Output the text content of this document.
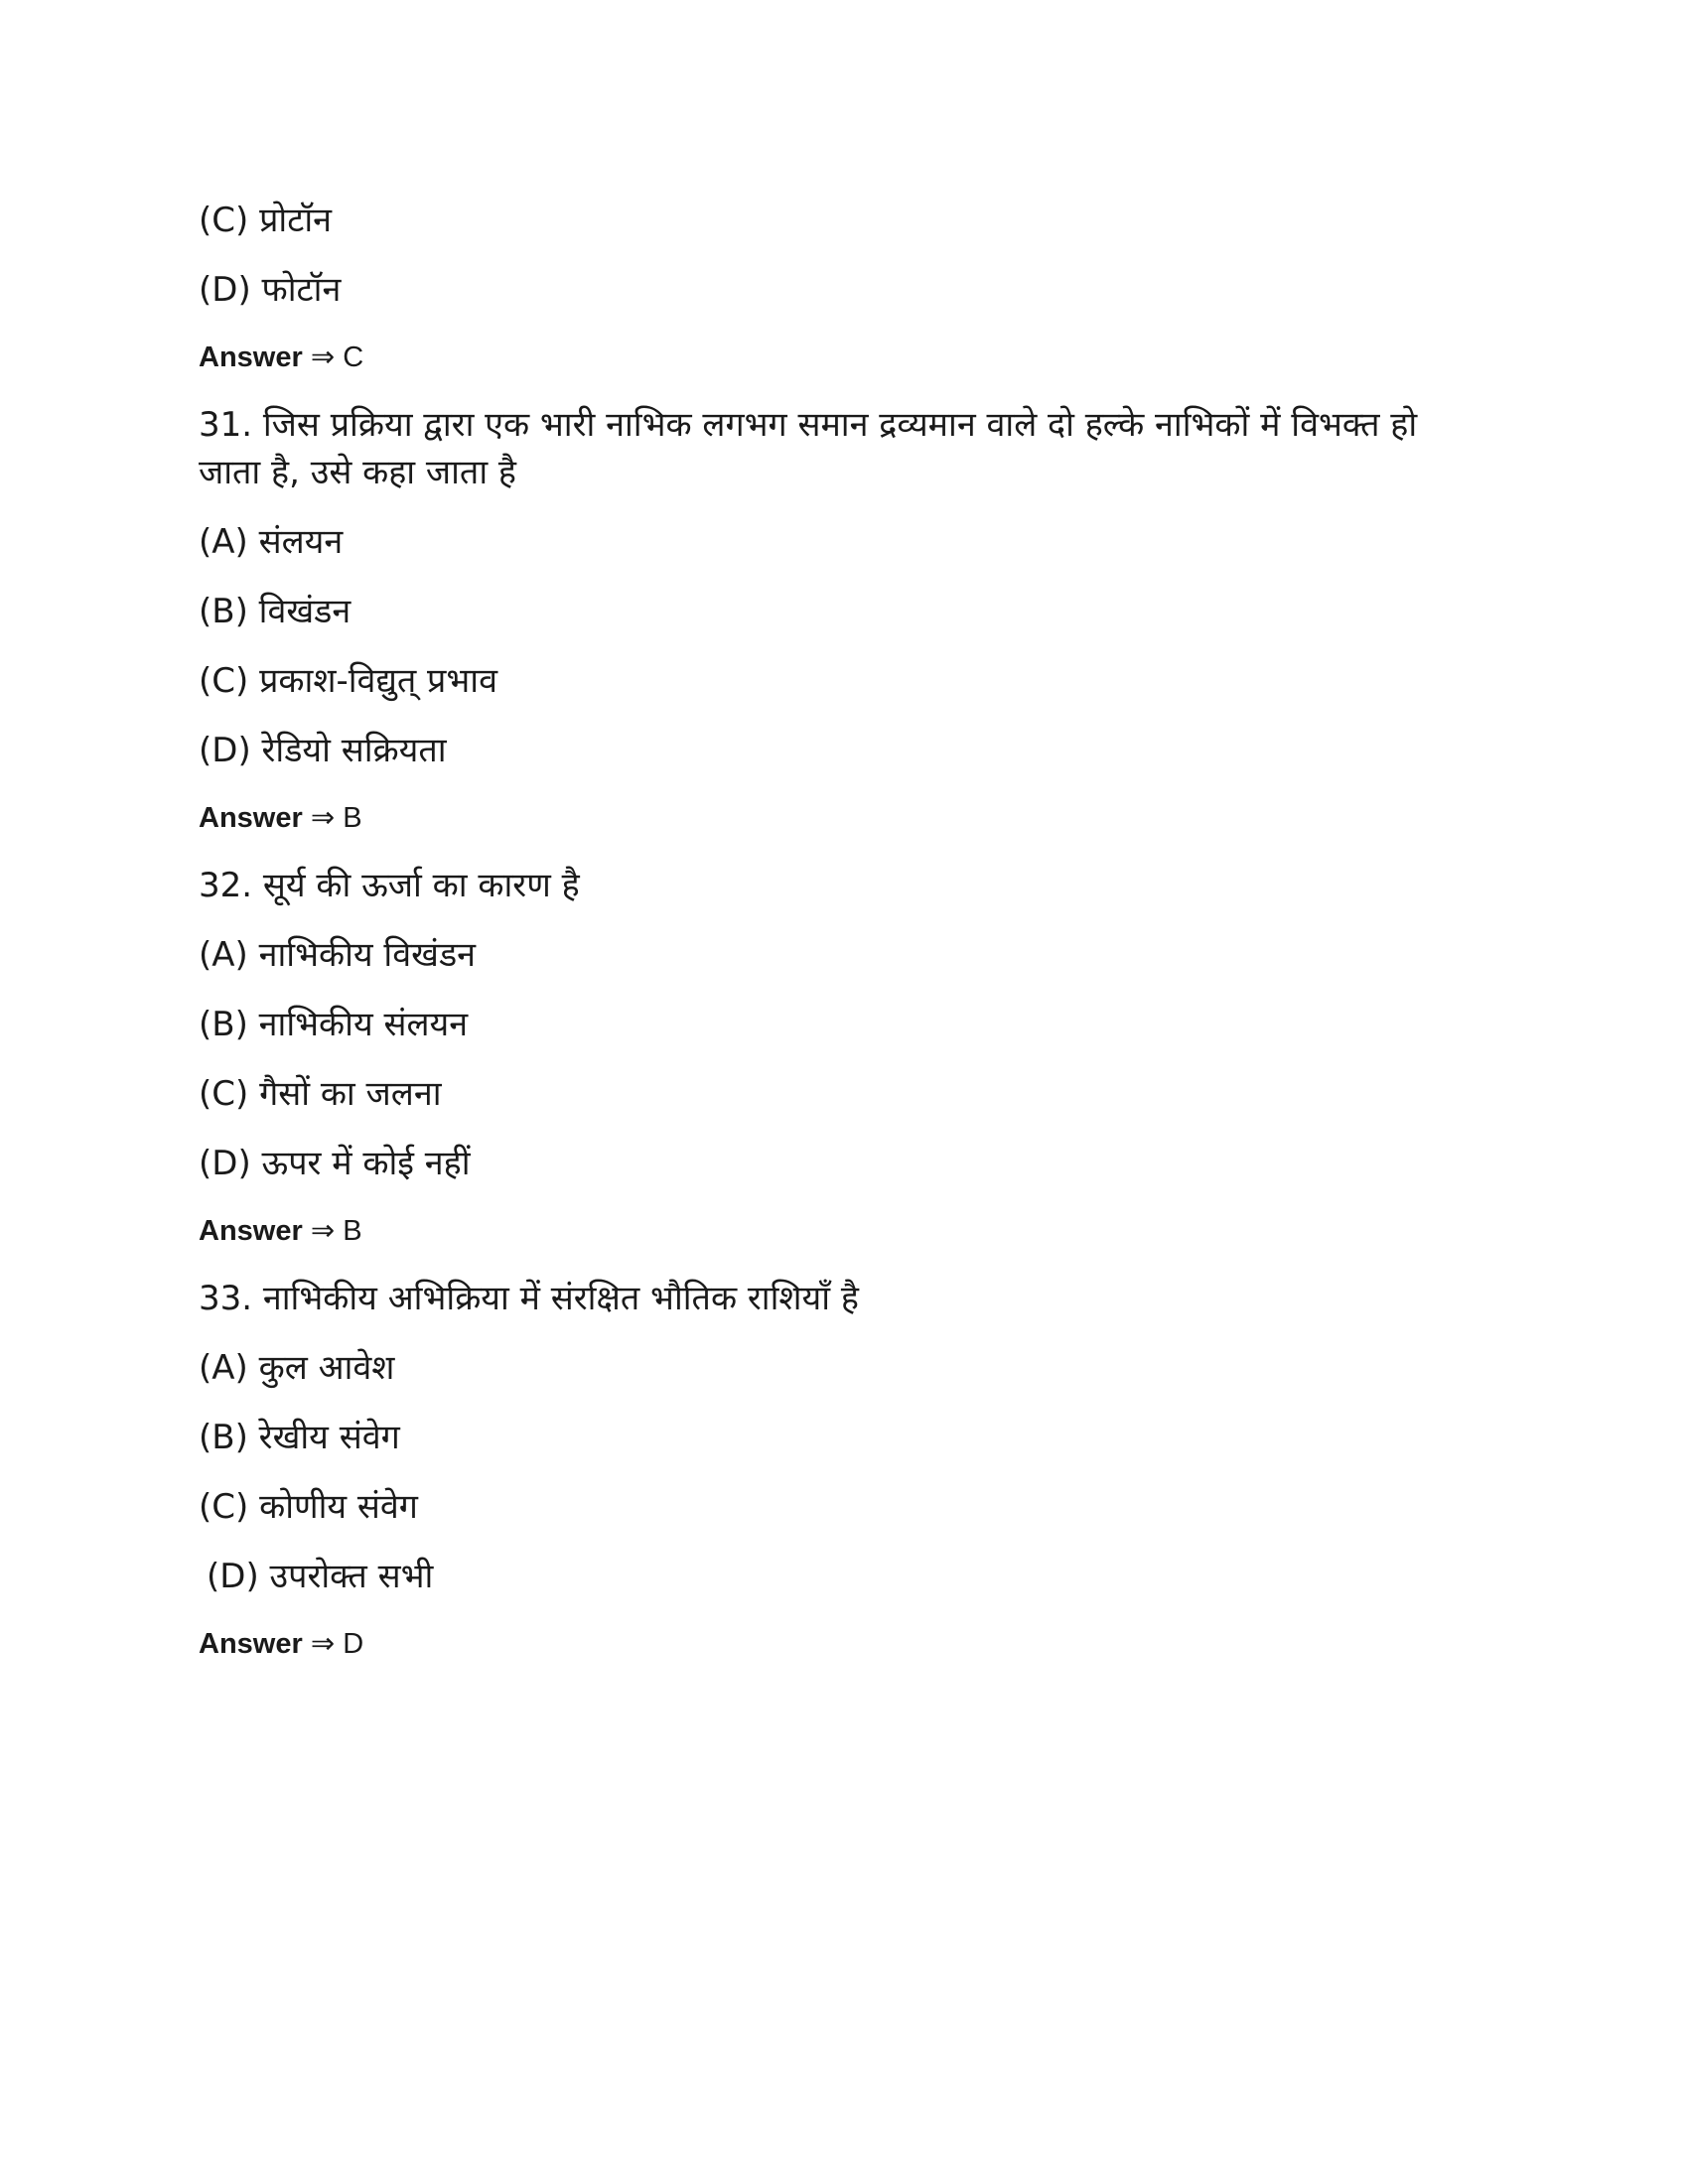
(C) प्रोटॉन
(D) फोटॉन
Answer ⇒ C
31. जिस प्रक्रिया द्वारा एक भारी नाभिक लगभग समान द्रव्यमान वाले दो हल्के नाभिकों में विभक्त हो जाता है, उसे कहा जाता है
(A) संलयन
(B) विखंडन
(C) प्रकाश-विद्युत् प्रभाव
(D) रेडियो सक्रियता
Answer ⇒ B
32. सूर्य की ऊर्जा का कारण है
(A) नाभिकीय विखंडन
(B) नाभिकीय संलयन
(C) गैसों का जलना
(D) ऊपर में कोई नहीं
Answer ⇒ B
33. नाभिकीय अभिक्रिया में संरक्षित भौतिक राशियाँ है
(A) कुल आवेश
(B) रेखीय संवेग
(C) कोणीय संवेग
(D) उपरोक्त सभी
Answer ⇒ D
